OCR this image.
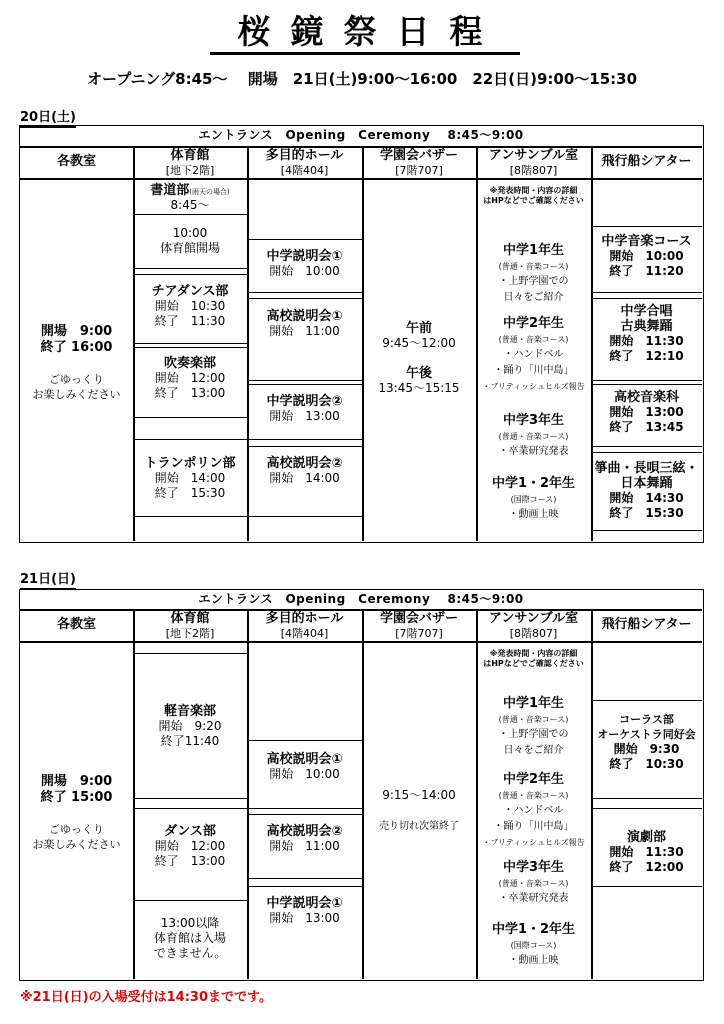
桜鏡祭日程
オープニング8:45～　 開場　21日(土)9:00～16:00　22日(日)9:00～15:30
20日(土)
エントランス　Opening　Ceremony　 8:45～9:00
各教室	体育館
[地下2階]
多目的ホール
[4階404]
学園会バザー
[7階707]
アンサンブル室
[8階807]
飛行船シアター
開場　9:00
終了 16:00
ごゆっくり
お楽しみください
書道部(雨天の場合)
8:45～
10:00
体育館開場
チアダンス部
開始　10:30
終了　11:30
吹奏楽部
開始　12:00
終了　13:00
トランポリン部
開始　14:00
終了　15:30
中学説明会①
開始　10:00
高校説明会①
開始　11:00
中学説明会②
開始　13:00
高校説明会②
開始　14:00
午前
9:45～12:00

午後
13:45～15:15
※発表時間・内容の詳細
はHPなどでご確認ください
中学1年生
(普通・音楽コース)
・上野学園での
日々をご紹介
中学2年生
(普通・音楽コース)
・ハンドベル
・踊り「川中島」
・ブリティッシュヒルズ報告
中学3年生
(普通・音楽コース)
・卒業研究発表
中学1・2年生
(国際コース)
・動画上映
中学音楽コース
開始　10:00
終了　11:20
中学合唱
古典舞踊
開始　11:30
終了　12:10
高校音楽科
開始　13:00
終了　13:45
箏曲・長唄三絃・
日本舞踊
開始　14:30
終了　15:30
21日(日)
エントランス　Opening　Ceremony　 8:45～9:00
各教室	体育館
[地下2階]
多目的ホール
[4階404]
学園会バザー
[7階707]
アンサンブル室
[8階807]
飛行船シアター
開場　9:00
終了 15:00
ごゆっくり
お楽しみください
軽音楽部
開始　9:20
終了11:40
ダンス部
開始　12:00
終了　13:00
13:00以降
体育館は入場
できません。
高校説明会①
開始　10:00
高校説明会②
開始　11:00
中学説明会①
開始　13:00
9:15～14:00

売り切れ次第終了
※発表時間・内容の詳細
はHPなどでご確認ください
中学1年生
(普通・音楽コース)
・上野学園での
日々をご紹介
中学2年生
(普通・音楽コース)
・ハンドベル
・踊り「川中島」
・ブリティッシュヒルズ報告
中学3年生
(普通・音楽コース)
・卒業研究発表
中学1・2年生
(国際コース)
・動画上映
コーラス部
オーケストラ同好会
開始　9:30
終了　10:30
演劇部
開始　11:30
終了　12:00
※21日(日)の入場受付は14:30までです。
